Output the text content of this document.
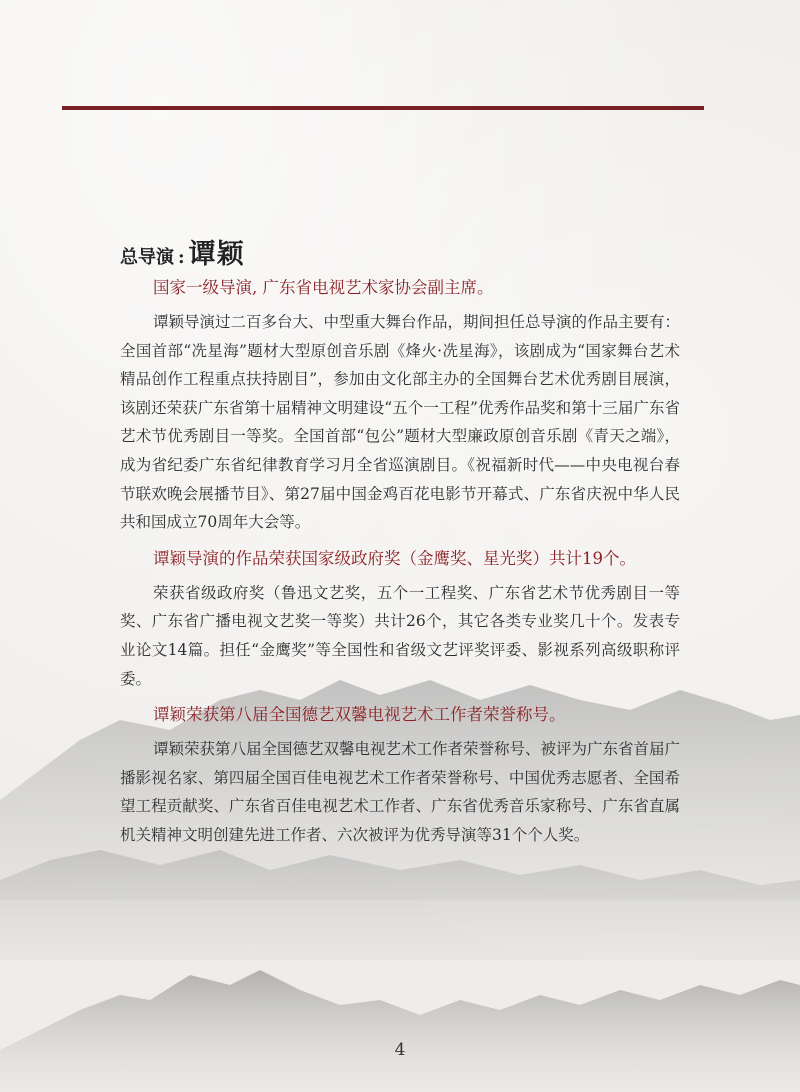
总导演 : 谭颖

国家一级导演, 广东省电视艺术家协会副主席。

谭颖导演过二百多台大、中型重大舞台作品，期间担任总导演的作品主要有：全国首部“冼星海”题材大型原创音乐剧《烽火·冼星海》，该剧成为“国家舞台艺术精品创作工程重点扶持剧目”，参加由文化部主办的全国舞台艺术优秀剧目展演，该剧还荣获广东省第十届精神文明建设“五个一工程”优秀作品奖和第十三届广东省艺术节优秀剧目一等奖。全国首部“包公”题材大型廉政原创音乐剧《青天之端》，成为省纪委广东省纪律教育学习月全省巡演剧目。《祝福新时代——中央电视台春节联欢晚会展播节目》、第27届中国金鸡百花电影节开幕式、广东省庆祝中华人民共和国成立70周年大会等。

谭颖导演的作品荣获国家级政府奖（金鹰奖、星光奖）共计19个。

荣获省级政府奖（鲁迅文艺奖，五个一工程奖、广东省艺术节优秀剧目一等奖、广东省广播电视文艺奖一等奖）共计26个，其它各类专业奖几十个。发表专业论文14篇。担任“金鹰奖”等全国性和省级文艺评奖评委、影视系列高级职称评委。

谭颖荣获第八届全国德艺双馨电视艺术工作者荣誉称号。

谭颖荣获第八届全国德艺双馨电视艺术工作者荣誉称号、被评为广东省首届广播影视名家、第四届全国百佳电视艺术工作者荣誉称号、中国优秀志愿者、全国希望工程贡献奖、广东省百佳电视艺术工作者、广东省优秀音乐家称号、广东省直属机关精神文明创建先进工作者、六次被评为优秀导演等31个个人奖。

4
